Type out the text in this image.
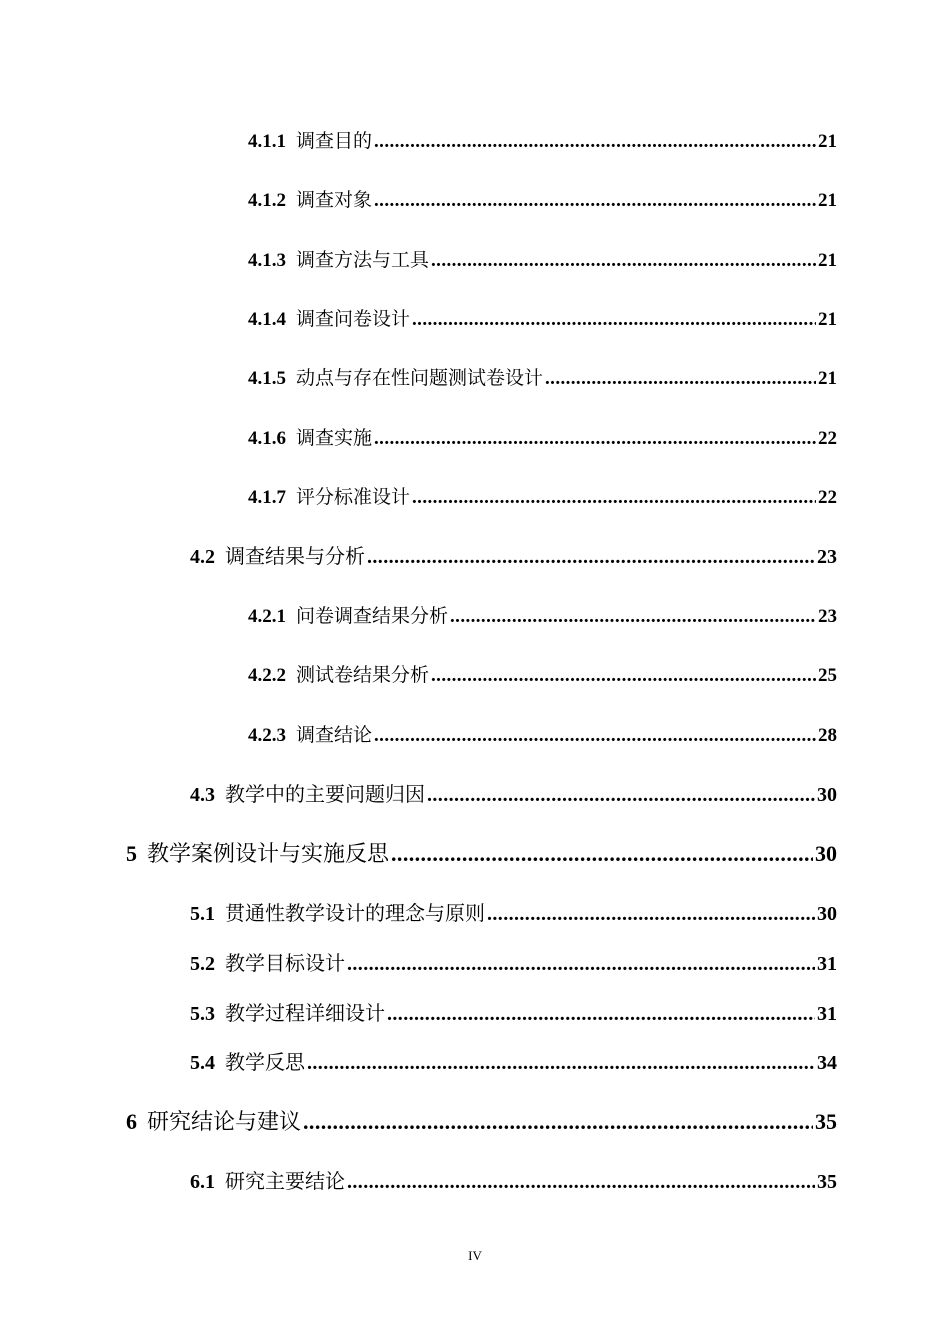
4.1.1 调查目的 .....	21
4.1.2 调查对象 .....	21
4.1.3 调查方法与工具 .....	21
4.1.4 调查问卷设计 .....	21
4.1.5 动点与存在性问题测试卷设计 .....	21
4.1.6 调查实施 .....	22
4.1.7 评分标准设计 .....	22
4.2 调查结果与分析 .....	23
4.2.1 问卷调查结果分析 .....	23
4.2.2 测试卷结果分析 .....	25
4.2.3 调查结论 .....	28
4.3 教学中的主要问题归因 .....	30
5 教学案例设计与实施反思 .....	30
5.1 贯通性教学设计的理念与原则 .....	30
5.2 教学目标设计 .....	31
5.3 教学过程详细设计 .....	31
5.4 教学反思 .....	34
6 研究结论与建议 .....	35
6.1 研究主要结论 .....	35
IV
